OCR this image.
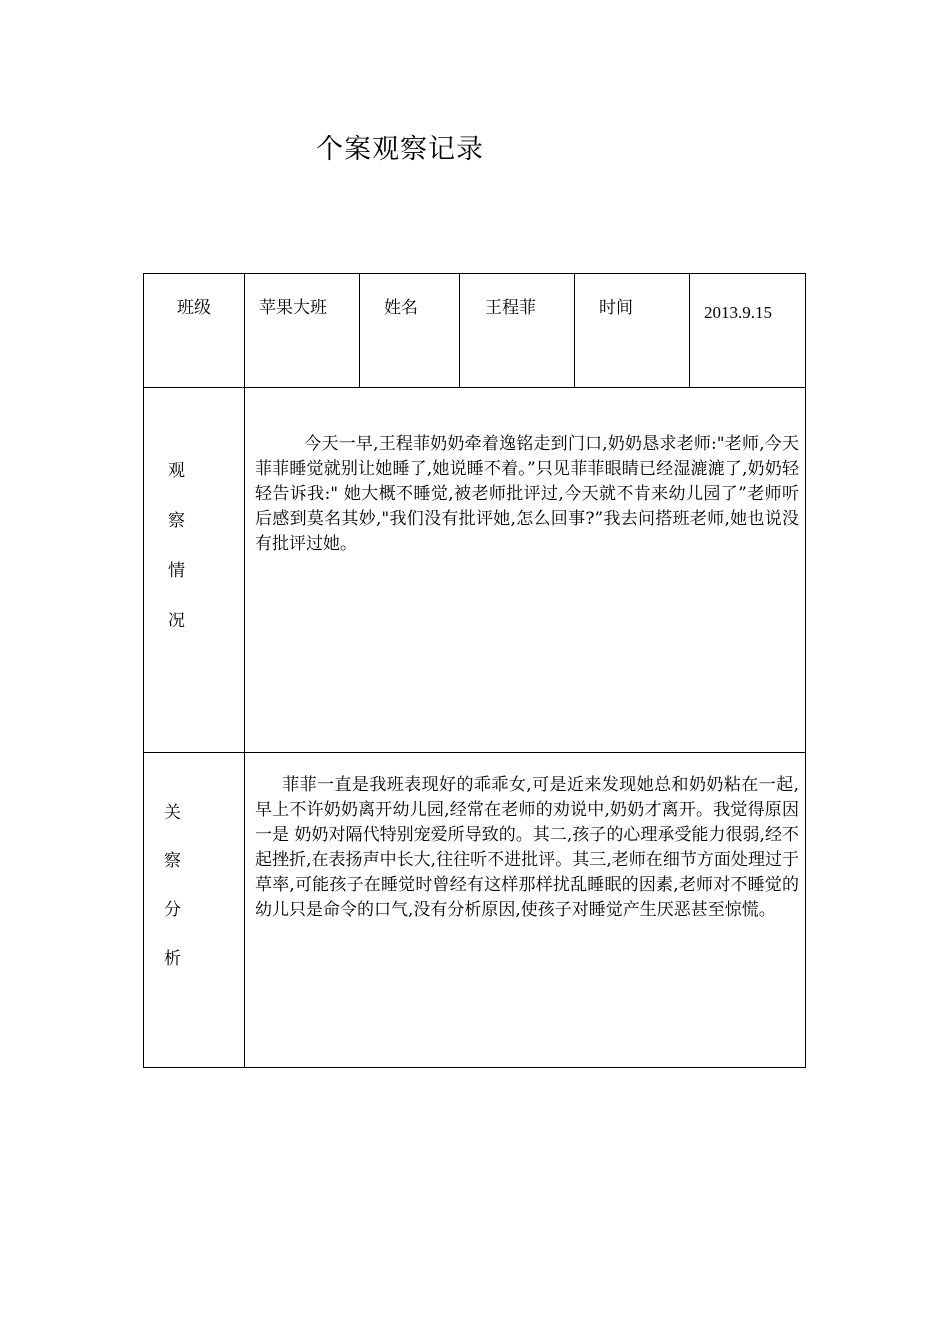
个案观察记录
班级	苹果大班	姓名	王程菲	时间	2013.9.15

观
察
情
况	今天一早,王程菲奶奶牵着逸铭走到门口,奶奶恳求老师:"老师,今天菲菲睡觉就别让她睡了,她说睡不着。”只见菲菲眼睛已经湿漉漉了,奶奶轻轻告诉我:" 她大概不睡觉,被老师批评过,今天就不肯来幼儿园了”老师听后感到莫名其妙,"我们没有批评她,怎么回事?”我去问搭班老师,她也说没有批评过她。				

关
察
分
析	菲菲一直是我班表现好的乖乖女,可是近来发现她总和奶奶粘在一起,早上不许奶奶离开幼儿园,经常在老师的劝说中,奶奶才离开。我觉得原因一是 奶奶对隔代特别宠爱所导致的。其二,孩子的心理承受能力很弱,经不起挫折,在表扬声中长大,往往听不进批评。其三,老师在细节方面处理过于草率,可能孩子在睡觉时曾经有这样那样扰乱睡眠的因素,老师对不睡觉的幼儿只是命令的口气,没有分析原因,使孩子对睡觉产生厌恶甚至惊慌。				
